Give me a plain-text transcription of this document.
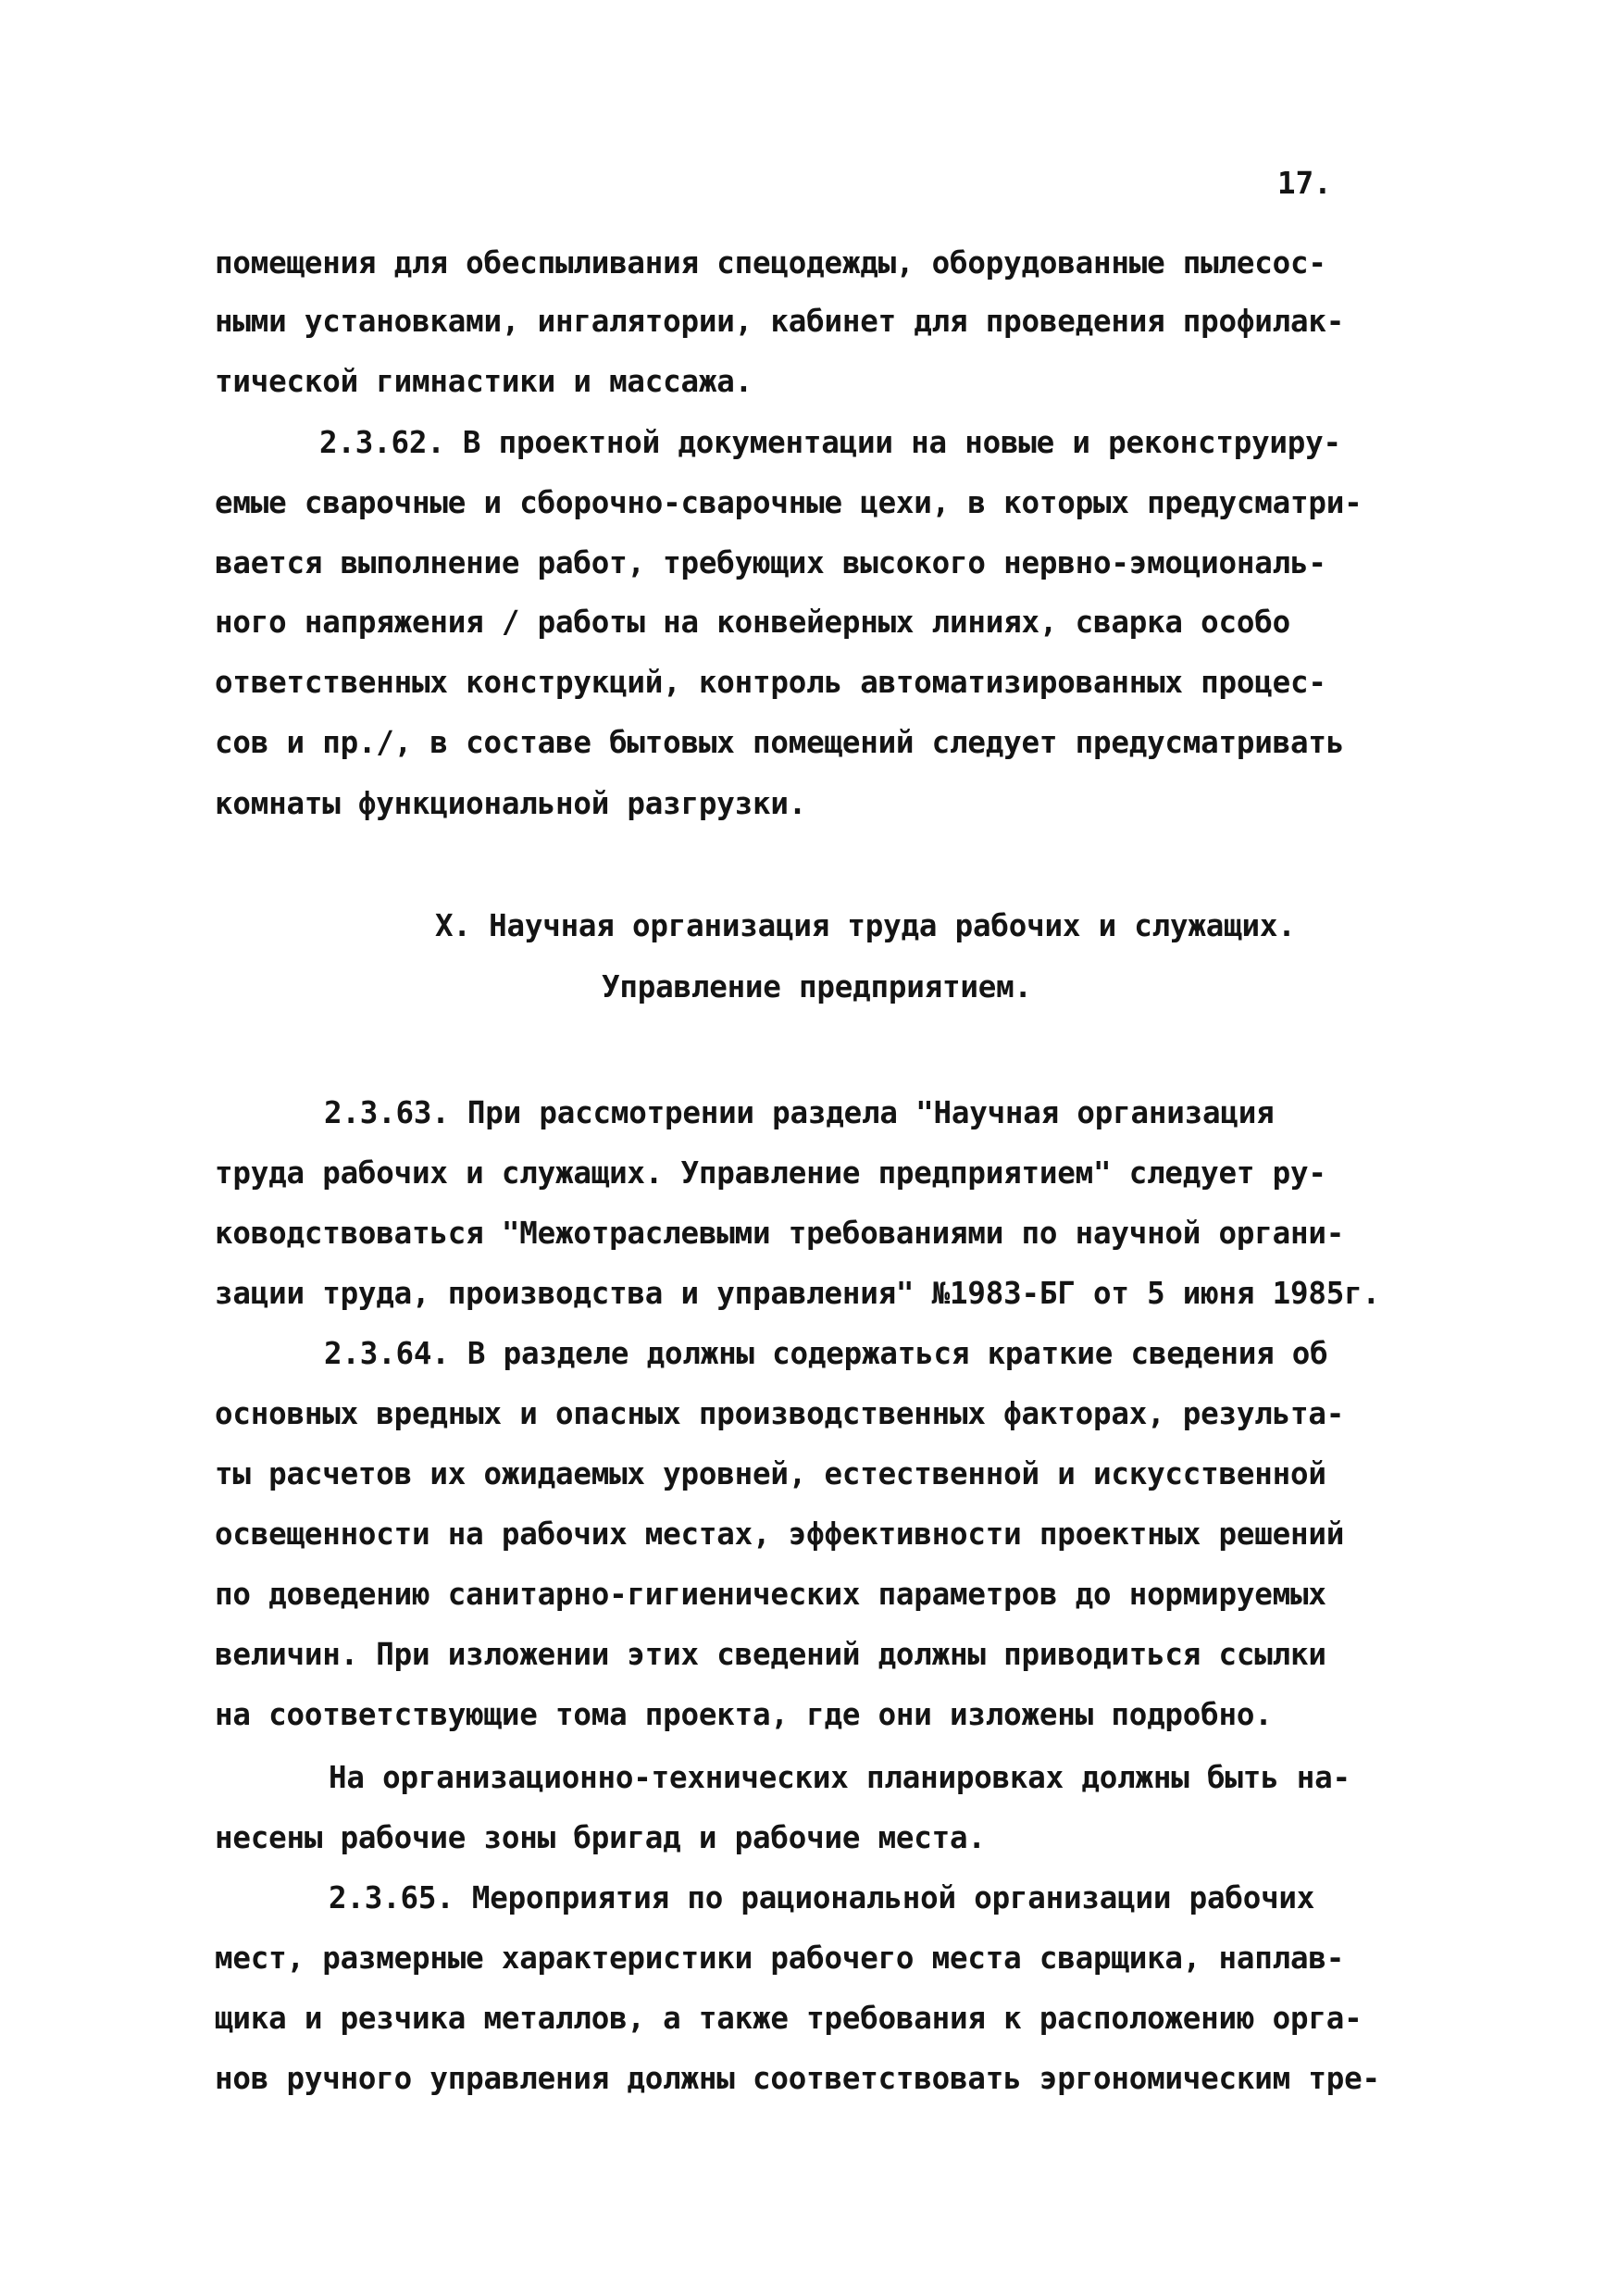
17.
помещения для обеспыливания спецодежды, оборудованные пылесос-
ными установками, ингалятории, кабинет для проведения профилак-
тической гимнастики и массажа.
2.3.62. В проектной документации на новые и реконструиру-
емые сварочные и сборочно-сварочные цехи, в которых предусматри-
вается выполнение работ, требующих высокого нервно-эмоциональ-
ного напряжения / работы на конвейерных линиях, сварка особо
ответственных конструкций, контроль автоматизированных процес-
сов и пр./, в составе бытовых помещений следует предусматривать
комнаты функциональной разгрузки.
X. Научная организация труда рабочих и служащих.
Управление предприятием.
2.3.63. При рассмотрении раздела "Научная организация
труда рабочих и служащих. Управление предприятием" следует ру-
ководствоваться "Межотраслевыми требованиями по научной органи-
зации труда, производства и управления" №1983-БГ от 5 июня 1985г.
2.3.64. В разделе должны содержаться краткие сведения об
основных вредных и опасных производственных факторах, результа-
ты расчетов их ожидаемых уровней, естественной и искусственной
освещенности на рабочих местах, эффективности проектных решений
по доведению санитарно-гигиенических параметров до нормируемых
величин. При изложении этих сведений должны приводиться ссылки
на соответствующие тома проекта, где они изложены подробно.
На организационно-технических планировках должны быть на-
несены рабочие зоны бригад и рабочие места.
2.3.65. Мероприятия по рациональной организации рабочих
мест, размерные характеристики рабочего места сварщика, наплав-
щика и резчика металлов, а также требования к расположению орга-
нов ручного управления должны соответствовать эргономическим тре-
